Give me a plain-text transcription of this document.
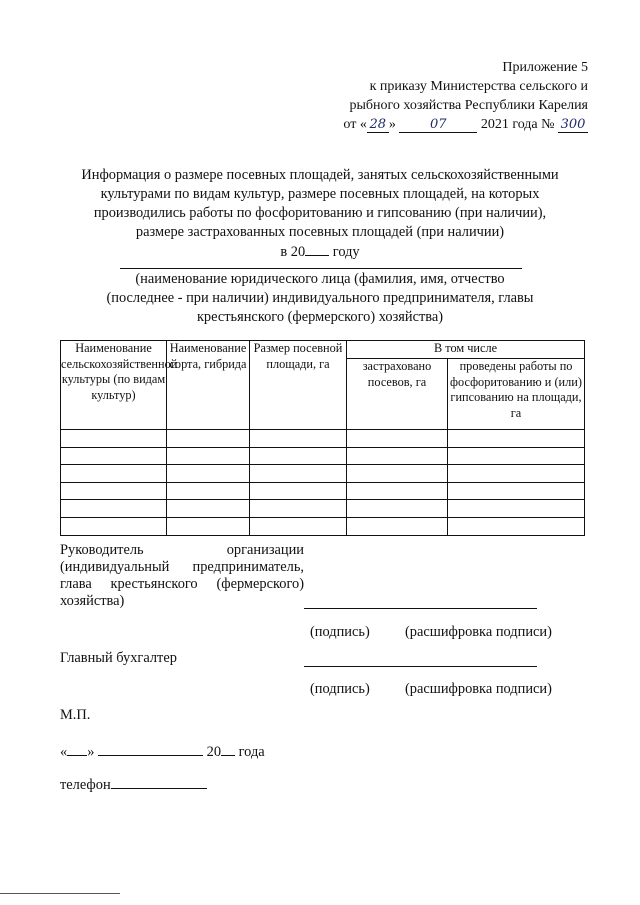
Приложение 5
к приказу Министерства сельского и
рыбного хозяйства Республики Карелия
от « 28 »	07 2021 года № 300
Информация о размере посевных площадей, занятых сельскохозяйственными
культурами по видам культур, размере посевных площадей, на которых
производились работы по фосфоритованию и гипсованию (при наличии),
размере застрахованных посевных площадей (при наличии)
в 20 году
(наименование юридического лица (фамилия, имя, отчество
(последнее - при наличии) индивидуального предпринимателя, главы
крестьянского (фермерского) хозяйства)
Наименование сельскохозяйственной культуры (по видам культур)	Наименование сорта, гибрида	Размер посевной площади, га	В том числе	
			застраховано посевов, га	проведены работы по фосфоритованию и (или) гипсованию на площади, га

Руководитель	организации
(индивидуальный предприниматель,
глава крестьянского (фермерского)
хозяйства)
(подпись) (расшифровка подписи)
Главный бухгалтер
(подпись) (расшифровка подписи)
М.П.
« »	20 года
телефон
